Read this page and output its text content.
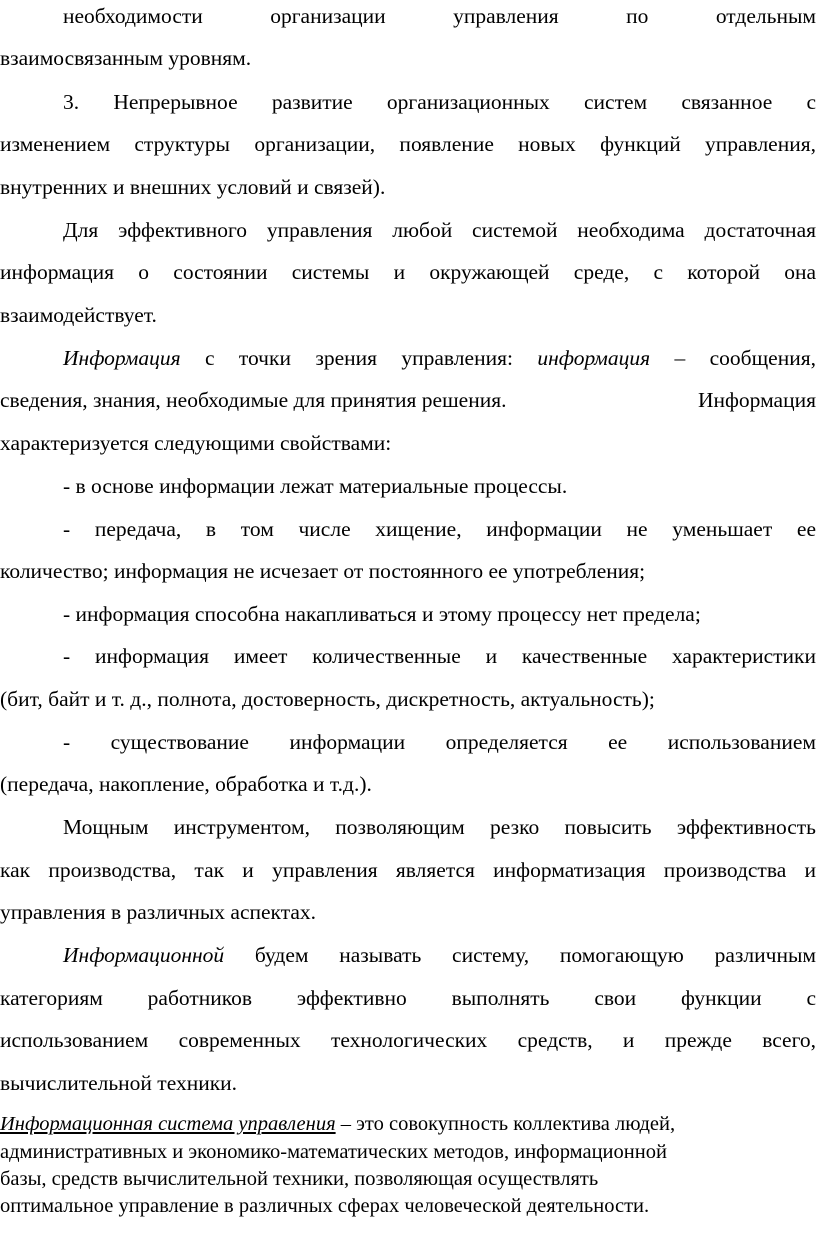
необходимости организации управления по отдельным
взаимосвязанным уровням.
3. Непрерывное развитие организационных систем связанное с
изменением структуры организации, появление новых функций управления,
внутренних и внешних условий и связей).
Для эффективного управления любой системой необходима достаточная
информация о состоянии системы и окружающей среде, с которой она
взаимодействует.
Информация с точки зрения управления: информация – сообщения,
сведения, знания, необходимые для принятия решения.	Информация
характеризуется следующими свойствами:
- в основе информации лежат материальные процессы.
- передача, в том числе хищение, информации не уменьшает ее
количество; информация не исчезает от постоянного ее употребления;
- информация способна накапливаться и этому процессу нет предела;
- информация имеет количественные и качественные характеристики
(бит, байт и т. д., полнота, достоверность, дискретность, актуальность);
- существование информации определяется ее использованием
(передача, накопление, обработка и т.д.).
Мощным инструментом, позволяющим резко повысить эффективность
как производства, так и управления является информатизация производства и
управления в различных аспектах.
Информационной будем называть систему, помогающую различным
категориям работников эффективно выполнять свои функции с
использованием современных технологических средств, и прежде всего,
вычислительной техники.
Информационная система управления – это совокупность коллектива людей,
административных и экономико-математических методов, информационной
базы, средств вычислительной техники, позволяющая осуществлять
оптимальное управление в различных сферах человеческой деятельности.
